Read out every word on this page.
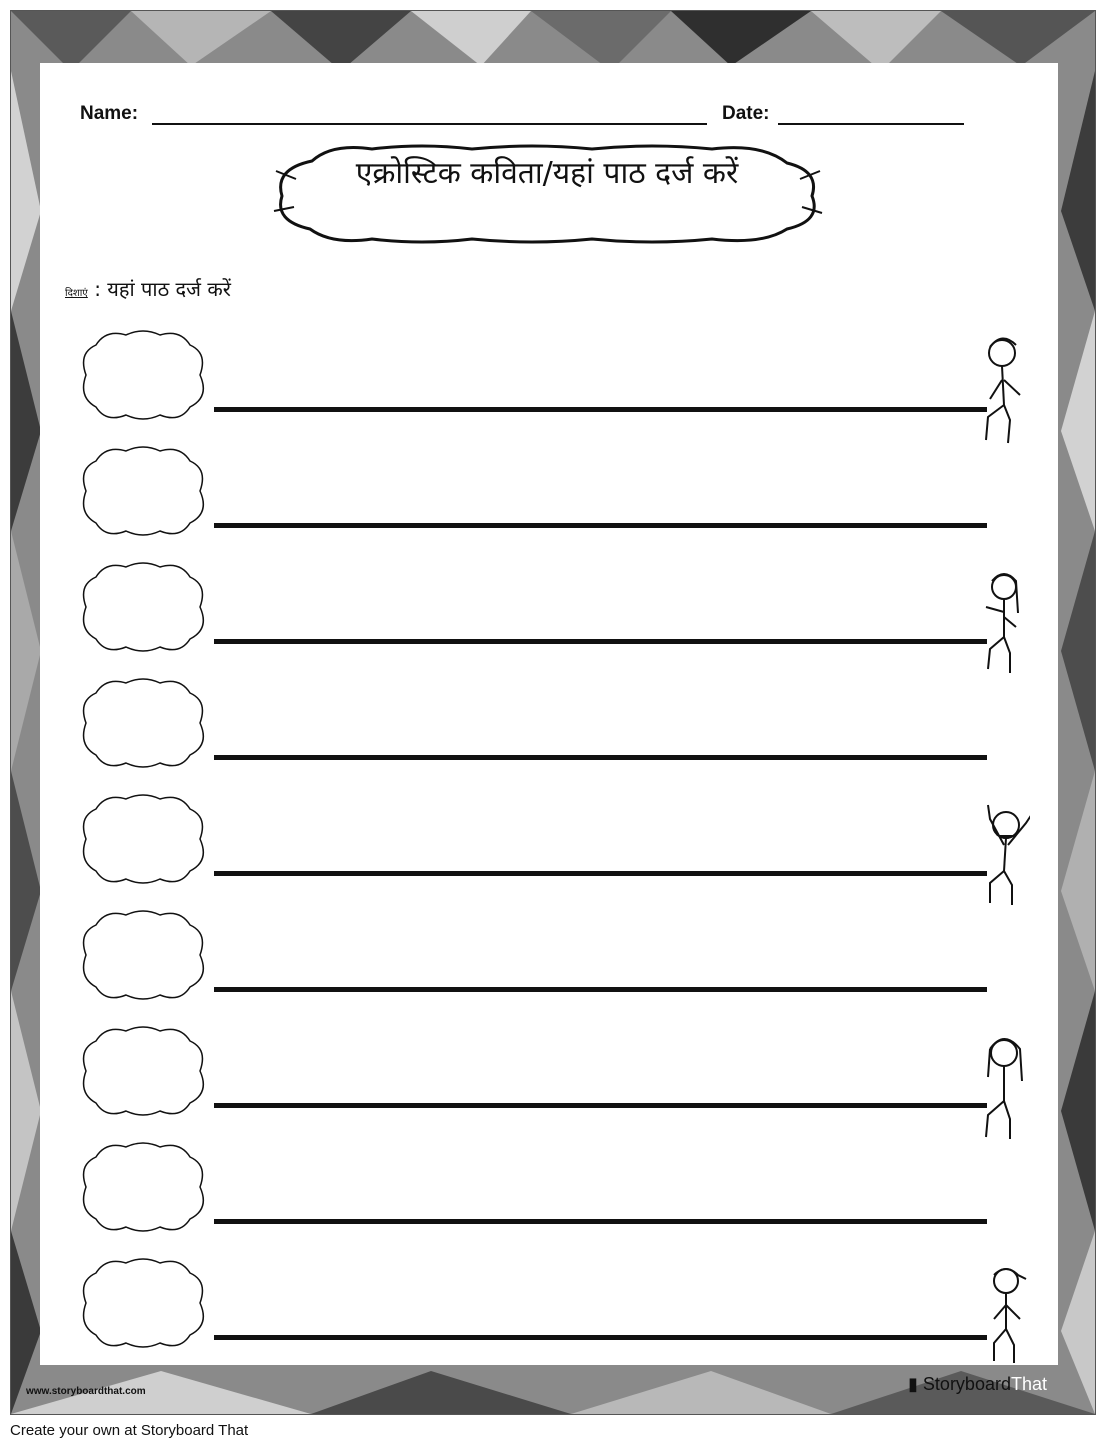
Name:	Date:
एक्रोस्टिक कविता/यहां पाठ दर्ज करें
दिशाएं : यहां पाठ दर्ज करें
www.storyboardthat.com	▮ StoryboardThat
Create your own at Storyboard That
